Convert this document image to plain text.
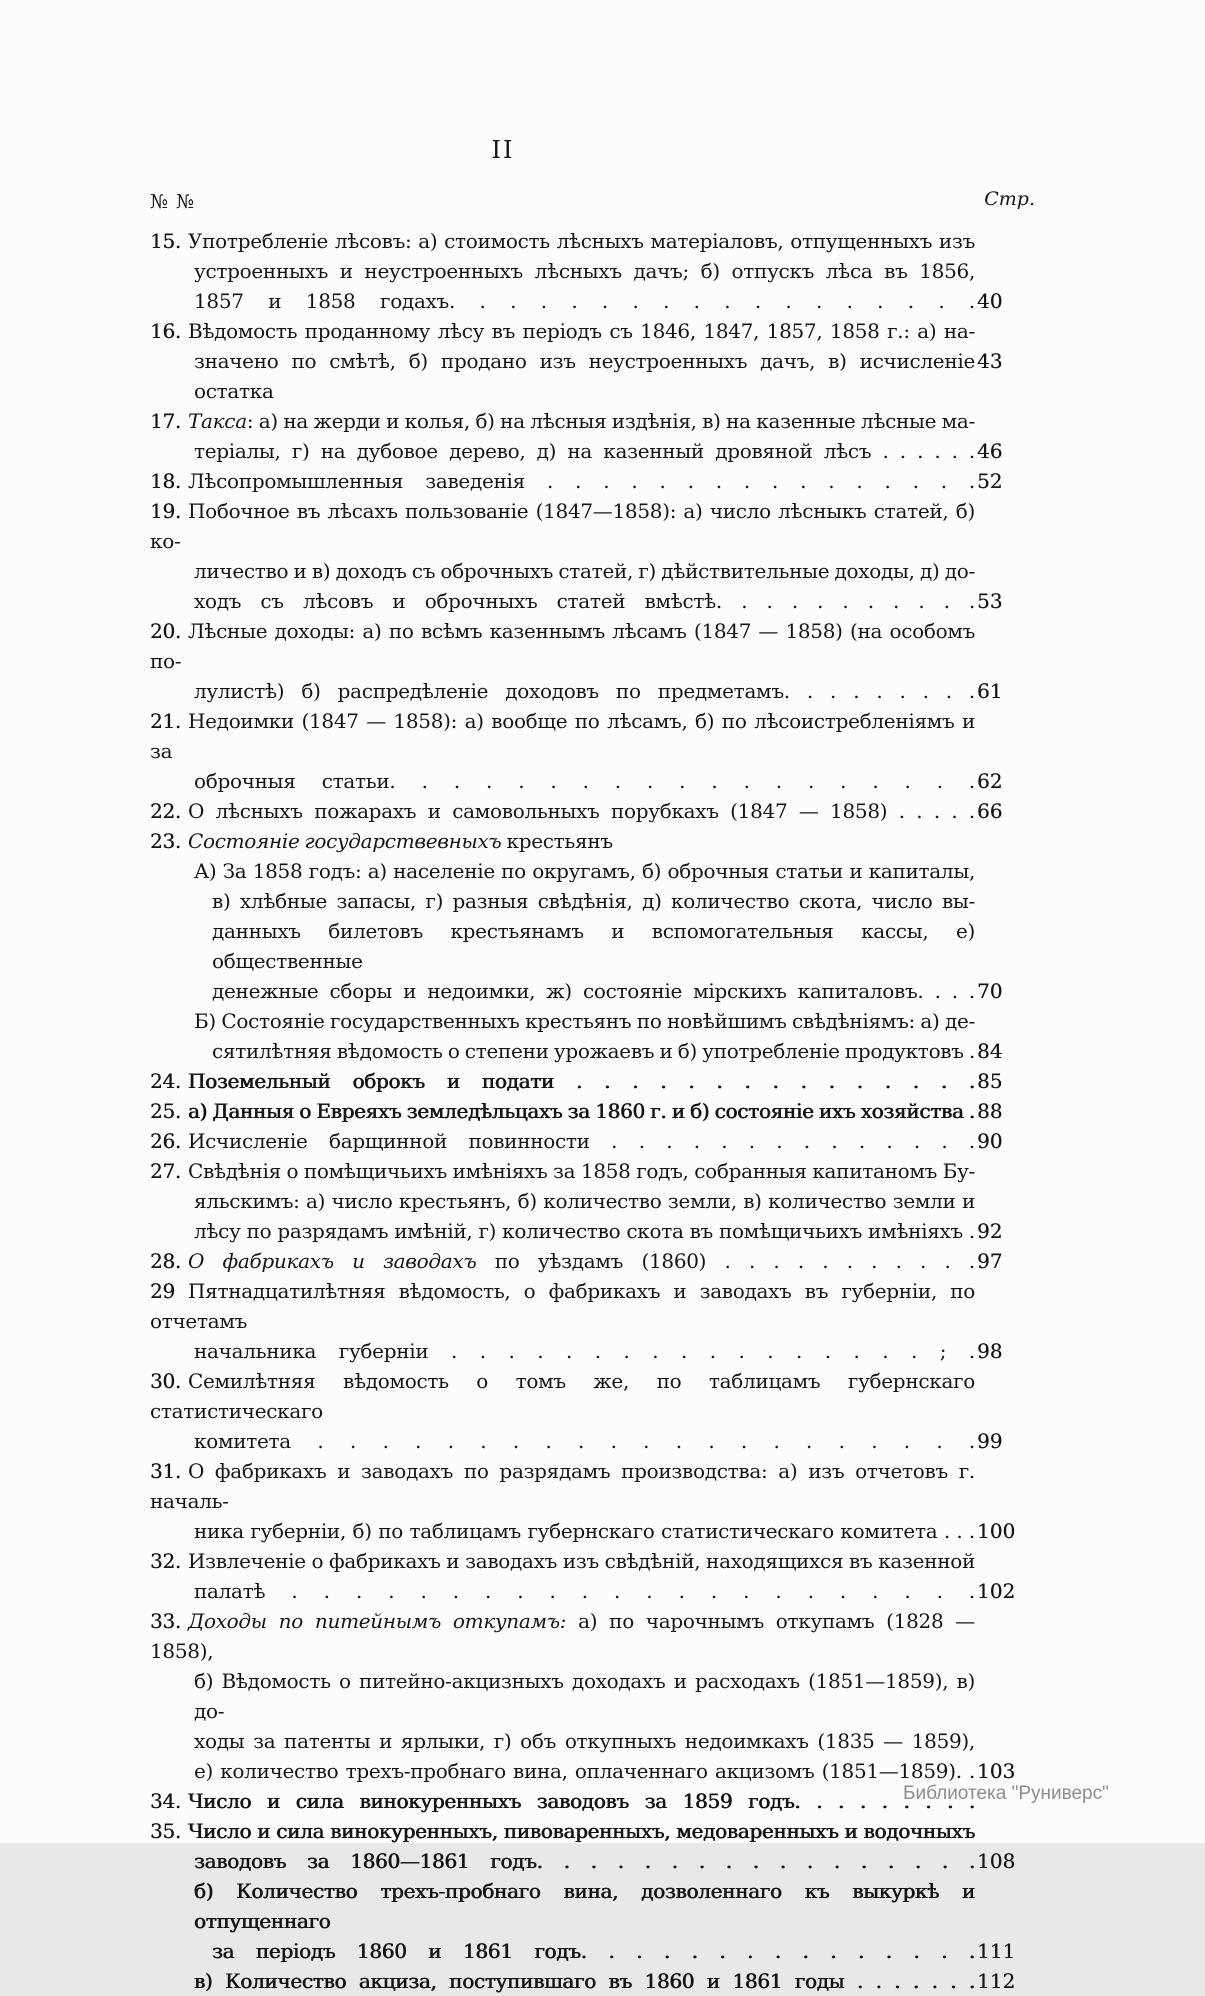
II
№ №	Стр.
15. Употребленіе лѣсовъ: а) стоимость лѣсныхъ матеріаловъ, отпущенныхъ изъ
устроенныхъ и неустроенныхъ лѣсныхъ дачъ; б) отпускъ лѣса въ 1856,
1857 и 1858 годахъ. . . . . . . . . . . . . . . . . . 40
16. Вѣдомость проданному лѣсу въ періодъ съ 1846, 1847, 1857, 1858 г.: а) на-
значено по смѣтѣ, б) продано изъ неустроенныхъ дачъ, в) исчисленіе остатка
43
17. Такса: а) на жерди и колья, б) на лѣсныя издѣнія, в) на казенные лѣсные ма-
теріалы, г) на дубовое дерево, д) на казенный дровяной лѣсъ . . . . . . 46
18. Лѣсопромышленныя заведенія . . . . . . . . . . . . . . . . 52
19. Побочное въ лѣсахъ пользованіе (1847—1858): а) число лѣсныкъ статей, б) ко-
личество и в) доходъ съ оброчныхъ статей, г) дѣйствительные доходы, д) до-
ходъ съ лѣсовъ и оброчныхъ статей вмѣстѣ. . . . . . . . . . . 53
20. Лѣсные доходы: а) по всѣмъ казеннымъ лѣсамъ (1847 — 1858) (на особомъ по-
лулистѣ) б) распредѣленіе доходовъ по предметамъ. . . . . . . . . 61
21. Недоимки (1847 — 1858): а) вообще по лѣсамъ, б) по лѣсоистребленіямъ и за
оброчныя статьи. . . . . . . . . . . . . . . . . . . 62
22. О лѣсныхъ пожарахъ и самовольныхъ порубкахъ (1847 — 1858) . . . . . 66
23. Состояніе государствевныхъ крестьянъ
А) За 1858 годъ: а) населеніе по округамъ, б) оброчныя статьи и капиталы,
в) хлѣбные запасы, г) разныя свѣдѣнія, д) количество скота, число вы-
данныхъ билетовъ крестьянамъ и вспомогательныя кассы, е) общественные
денежные сборы и недоимки, ж) состояніе мірскихъ капиталовъ. . . . 70
Б) Состояніе государственныхъ крестьянъ по новѣйшимъ свѣдѣніямъ: а) де-
сятилѣтняя вѣдомость о степени урожаевъ и б) употребленіе продуктовъ . 84
24. Поземельный оброкъ и подати . . . . . . . . . . . . . . . 85
25. а) Данныя о Евреяхъ земледѣльцахъ за 1860 г. и б) состояніе ихъ хозяйства . 88
26. Исчисленіе барщинной повинности . . . . . . . . . . . . . . 90
27. Свѣдѣнія о помѣщичьихъ имѣніяхъ за 1858 годъ, собранныя капитаномъ Бу-
яльскимъ: а) число крестьянъ, б) количество земли, в) количество земли и
лѣсу по разрядамъ имѣній, г) количество скота въ помѣщичьихъ имѣніяхъ . 92
28. О фабрикахъ и заводахъ по уѣздамъ (1860) . . . . . . . . . . . 97
29 Пятнадцатилѣтняя вѣдомость, о фабрикахъ и заводахъ въ губерніи, по отчетамъ
начальника губерніи . . . . . . . . . . . . . . . . . ; . 98
30. Семилѣтняя вѣдомость о томъ же, по таблицамъ губернскаго статистическаго
комитета . . . . . . . . . . . . . . . . . . . . . 99
31. О фабрикахъ и заводахъ по разрядамъ производства: а) изъ отчетовъ г. началь-
ника губерніи, б) по таблицамъ губернскаго статистическаго комитета . . . 100
32. Извлеченіе о фабрикахъ и заводахъ изъ свѣдѣній, находящихся въ казенной
палатѣ . . . . . . . . . . . . . . . . . . . . . . 102
33. Доходы по питейнымъ откупамъ: а) по чарочнымъ откупамъ (1828 — 1858),
б) Вѣдомость о питейно-акцизныхъ доходахъ и расходахъ (1851—1859), в) до-
ходы за патенты и ярлыки, г) объ откупныхъ недоимкахъ (1835 — 1859),
е) количество трехъ-пробнаго вина, оплаченнаго акцизомъ (1851—1859). . 103
34. Число и сила винокуренныхъ заводовъ за 1859 годъ. . . . . . . . .
35. Число и сила винокуренныхъ, пивоваренныхъ, медоваренныхъ и водочныхъ
заводовъ за 1860—1861 годъ. . . . . . . . . . . . . . . . . 108
б) Количество трехъ-пробнаго вина, дозволеннаго къ выкуркѣ и отпущеннаго
за періодъ 1860 и 1861 годъ. . . . . . . . . . . . . . . 111
в) Количество акциза, поступившаго въ 1860 и 1861 годы . . . . . . . 112
Библиотека "Руниверс"
